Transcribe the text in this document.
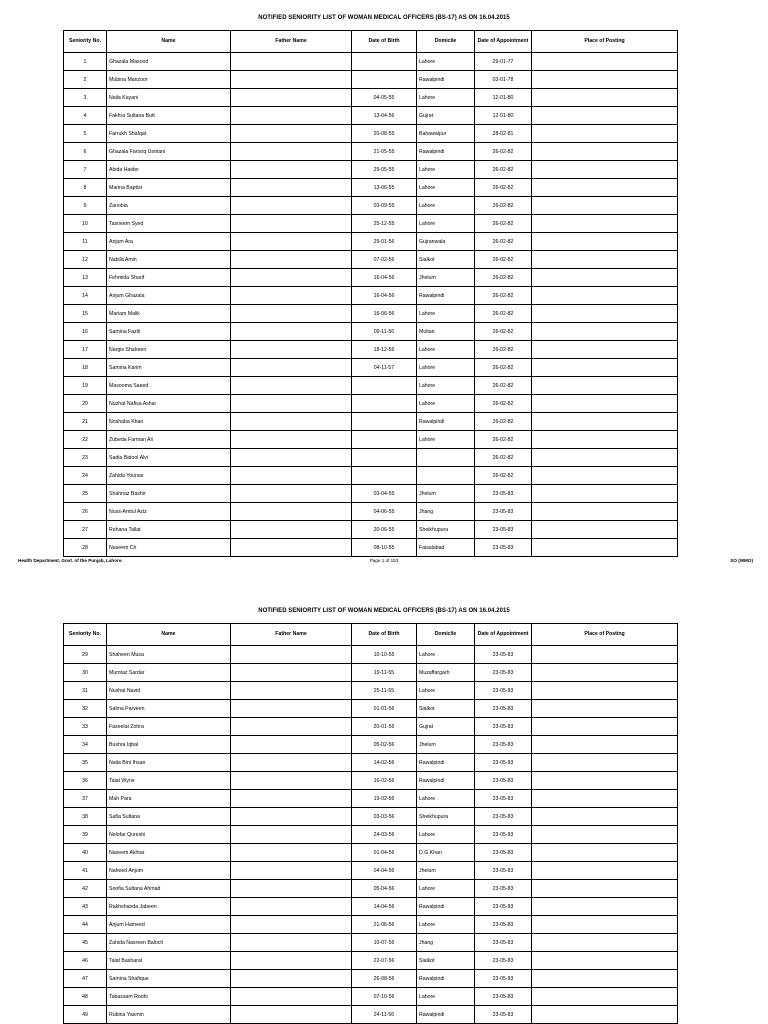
NOTIFIED SENIORITY LIST OF WOMAN MEDICAL OFFICERS (BS-17) AS ON 16.04.2015
Seniority No.	Name	Father Name	Date of Birth	Domicile	Date of Appointment	Place of Posting
1	Ghazala Masood			Lahore	29-01-77	
2	Mubina Manzoor			Rawalpindi	03-01-78	
3	Naila Kayani		04-05-55	Lahore	12-01-80	
4	Fakhra Sultana Butt		13-04-56	Gujrat	12-01-80	
5	Farrukh Shafqat		20-08-55	Bahawalpur	28-02-81	
6	Ghazala Farooq Usmani		21-05-55	Rawalpindi	26-02-82	
7	Abida Haider		29-05-55	Lahore	26-02-82	
8	Marina Baptist		13-06-55	Lahore	26-02-82	
9	Zanobia		03-09-55	Lahore	26-02-82	
10	Tasneem Syed		25-12-55	Lahore	26-02-82	
11	Anjum Ara		29-01-56	Gujranwala	26-02-82	
12	Nabila Amin		07-02-56	Sialkot	26-02-82	
13	Fehmida Sharif		16-04-56	Jhelum	26-02-82	
14	Anjum Ghazala		16-04-56	Rawalpindi	26-02-82	
15	Mariam Malik		16-06-56	Lahore	26-02-82	
16	Samina Fazili		09-11-56	Multan	26-02-82	
17	Nargis Shaheen		18-12-56	Lahore	26-02-82	
18	Samina Karim		04-11-57	Lahore	26-02-82	
19	Masooma Saeed			Lahore	26-02-82	
20	Nuzhat Nafisa Ashai			Lahore	26-02-82	
21	Noshaba Khan			Rawalpindi	26-02-82	
22	Zubeda Farman Ali			Lahore	26-02-82	
23	Sadia Batool Alvi				26-02-82	
24	Zahida Younas				26-02-82	
25	Shahnaz Bashir		03-04-55	Jhelum	23-05-83	
26	Nuss-Amtul Aziz		04-06-55	Jhang	23-05-83	
27	Rehana Tallat		20-06-55	Sheikhupura	23-05-83	
28	Naseem Ch		08-10-55	Faisalabad	23-05-83	
Health Department, Govt. of the Punjab, Lahore.	Page 1 of 153	SO (WMO)
NOTIFIED SENIORITY LIST OF WOMAN MEDICAL OFFICERS (BS-17) AS ON 16.04.2015
Seniority No.	Name	Father Name	Date of Birth	Domicile	Date of Appointment	Place of Posting
29	Shaheen Musa		10-10-55	Lahore	23-05-83	
30	Mumtaz Sardar		19-11-55	Muzaffargarh	23-05-83	
31	Nushat Navid		25-11-55	Lahore	23-05-83	
32	Salma Parveen		01-01-56	Sialkot	23-05-83	
33	Fazeelat Zohra		20-01-56	Gujrat	23-05-83	
34	Bushra Iqbal		05-02-56	Jhelum	23-05-83	
35	Naila Bint Ihsan		14-02-56	Rawalpindi	23-05-83	
36	Talat Wyne		16-02-56	Rawalpindi	23-05-83	
37	Mah Para		19-02-56	Lahore	23-05-83	
38	Safia Sultana		03-03-56	Sheikhupura	23-05-83	
39	Nelofar Qureshi		24-03-56	Lahore	23-05-83	
40	Naseem Akhtar		01-04-56	D.G Khan	23-05-83	
41	Naheed Anjum		04-04-56	Jhelum	23-05-83	
42	Soofia Sultana Ahmad		05-04-56	Lahore	23-05-83	
43	Rakhshanda Jabeen		14-04-56	Rawalpindi	23-05-83	
44	Anjum Hameed		21-06-56	Lahore	23-05-83	
45	Zahida Nasreen Baloch		10-07-56	Jhang	23-05-83	
46	Talat Basharat		22-07-56	Sialkot	23-05-83	
47	Samina Shafique		26-08-56	Rawalpindi	23-05-83	
48	Tabassam Roohi		07-10-56	Lahore	23-05-83	
49	Rubina Yasmin		24-11-56	Rawalpindi	23-05-83	
